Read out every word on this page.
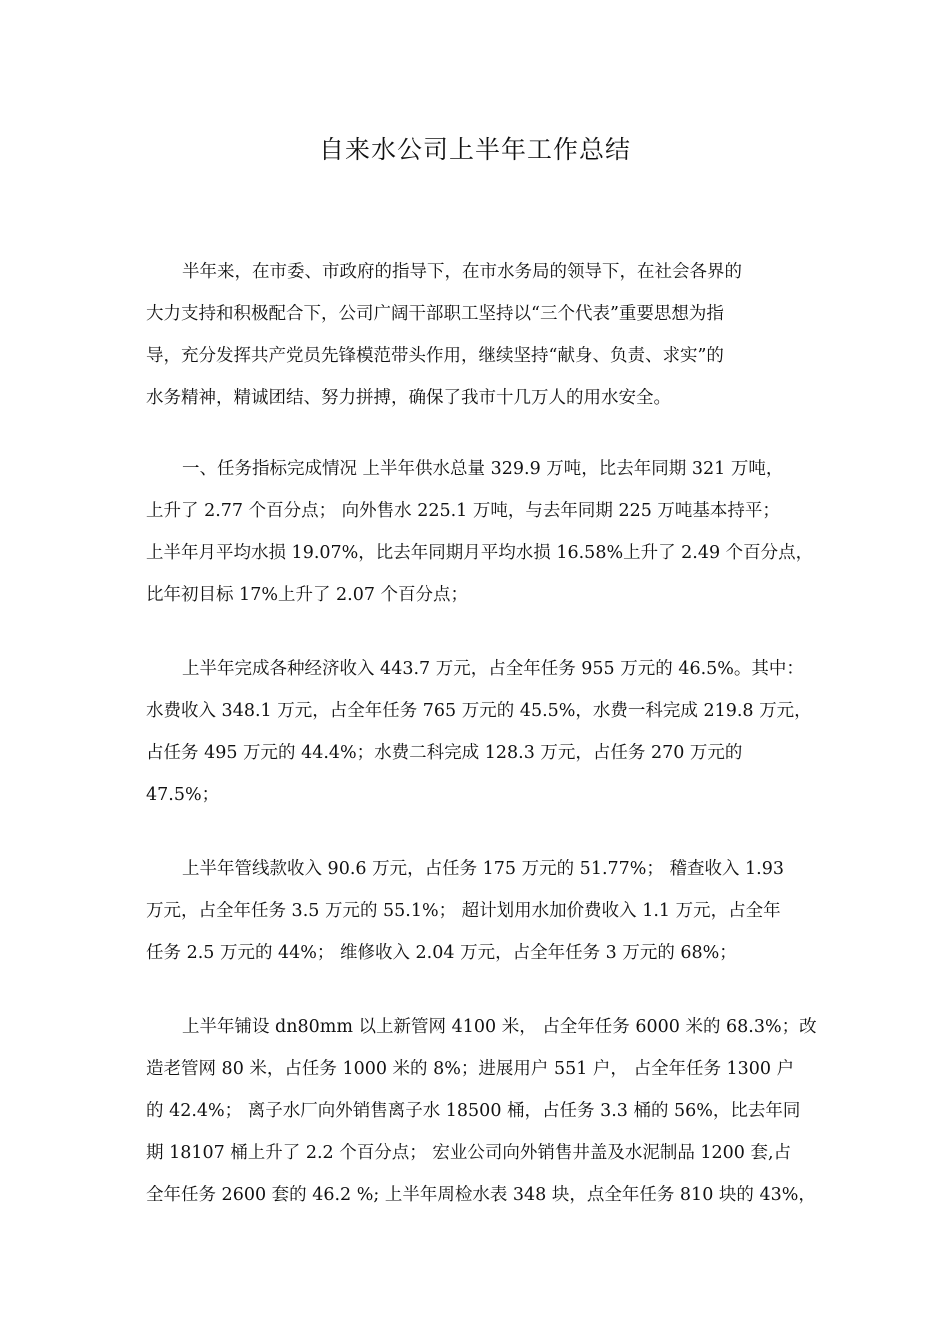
自来水公司上半年工作总结
半年来，在市委、市政府的指导下，在市水务局的领导下，在社会各界的
大力支持和积极配合下，公司广阔干部职工坚持以“三个代表”重要思想为指
导，充分发挥共产党员先锋模范带头作用，继续坚持“献身、负责、求实”的
水务精神，精诚团结、努力拼搏，确保了我市十几万人的用水安全。
一、任务指标完成情况 上半年供水总量 329.9 万吨，比去年同期 321 万吨，
上升了 2.77 个百分点； 向外售水 225.1 万吨，与去年同期 225 万吨基本持平；
上半年月平均水损 19.07%，比去年同期月平均水损 16.58%上升了 2.49 个百分点，
比年初目标 17%上升了 2.07 个百分点；
上半年完成各种经济收入 443.7 万元，占全年任务 955 万元的 46.5%。其中：
水费收入 348.1 万元，占全年任务 765 万元的 45.5%，水费一科完成 219.8 万元，
占任务 495 万元的 44.4%；水费二科完成 128.3 万元，占任务 270 万元的
47.5%；
上半年管线款收入 90.6 万元，占任务 175 万元的 51.77%； 稽查收入 1.93
万元，占全年任务 3.5 万元的 55.1%； 超计划用水加价费收入 1.1 万元，占全年
任务 2.5 万元的 44%； 维修收入 2.04 万元，占全年任务 3 万元的 68%；
上半年铺设 dn80mm 以上新管网 4100 米， 占全年任务 6000 米的 68.3%；改
造老管网 80 米，占任务 1000 米的 8%；进展用户 551 户， 占全年任务 1300 户
的 42.4%； 离子水厂向外销售离子水 18500 桶，占任务 3.3 桶的 56%，比去年同
期 18107 桶上升了 2.2 个百分点； 宏业公司向外销售井盖及水泥制品 1200 套,占
全年任务 2600 套的 46.2 %; 上半年周检水表 348 块，点全年任务 810 块的 43%，
